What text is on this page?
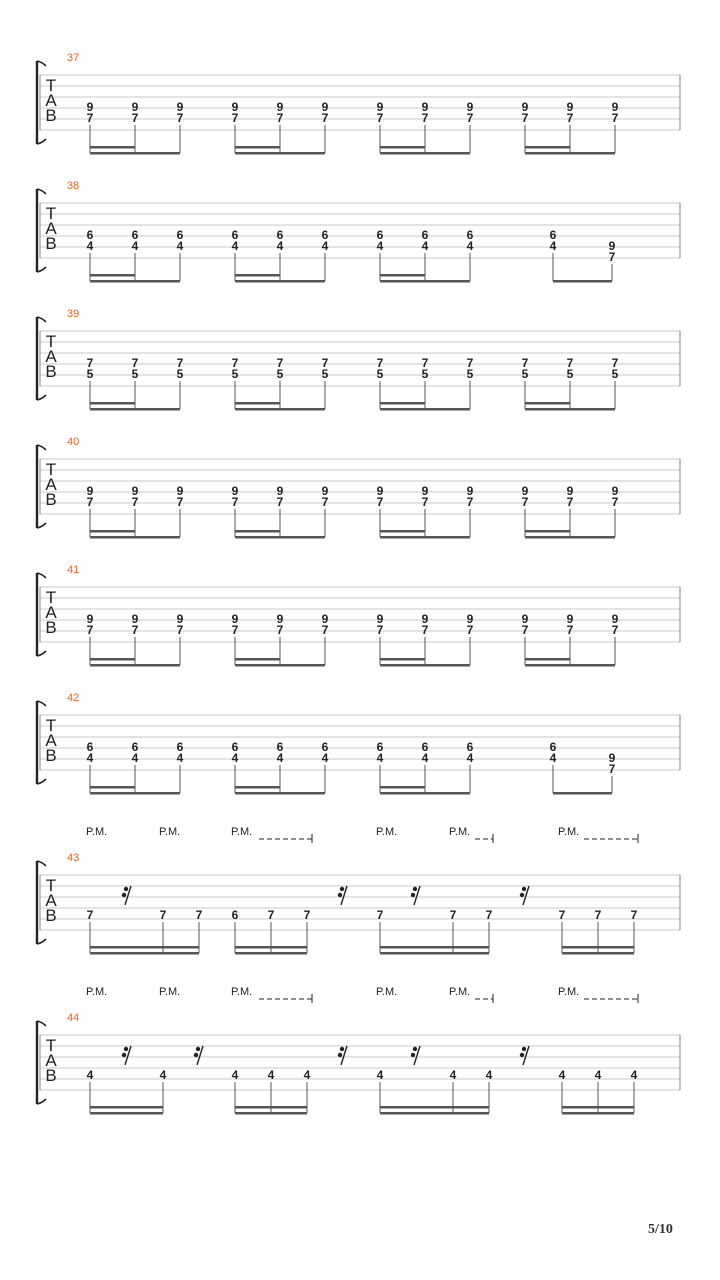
37
T
A
B 9
7
9
7
9
7
9
7
9
7
9
7
9
7
9
7
9
7
9
7
9
7
9
7
38
T
A
B 6
4
6
4
6
4
6
4
6
4
6
4
6
4
6
4
6
4
6
4	9
7
39
T
A
B 7
5
7
5
7
5
7
5
7
5
7
5
7
5
7
5
7
5
7
5
7
5
7
5
40
T
A
B 9
7
9
7
9
7
9
7
9
7
9
7
9
7
9
7
9
7
9
7
9
7
9
7
41
T
A
B 9
7
9
7
9
7
9
7
9
7
9
7
9
7
9
7
9
7
9
7
9
7
9
7
42
T
A
B 6
4
6
4
6
4
6
4
6
4
6
4
6
4
6
4
6
4
6
4	9
7
43
T
A
B 7	7 7 6 7 7	7	7 7	7 7 7
P.M.	P.M.	P.M.	P.M.	P.M.	P.M.
44
T
A
B 4	4	4 4 4	4	4 4	4 4 4
P.M.	P.M.	P.M.	P.M.	P.M.	P.M.
5/10
